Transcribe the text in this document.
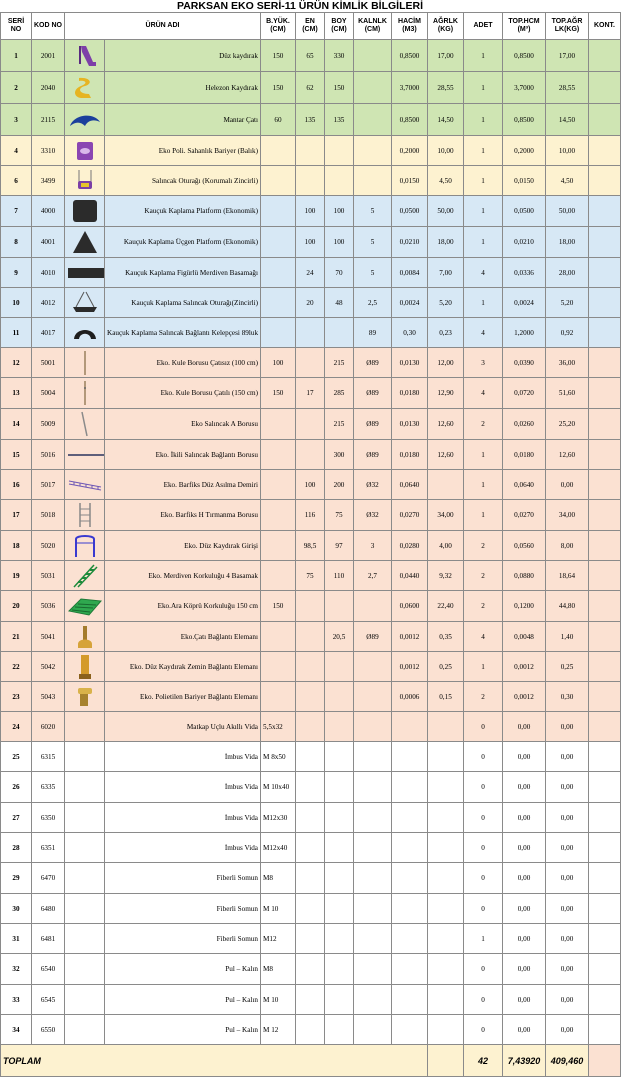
PARKSAN EKO SERİ-11 ÜRÜN KİMLİK BİLGİLERİ
SERİ NO	KOD NO	ÜRÜN ADI		B.YÜK. (CM)	EN (CM)	BOY (CM)	KALNLK (CM)	HACİM (M3)	AĞRLK (KG)	ADET	TOP.HCM (M³)	TOP.AĞR LK(KG)	KONT.
1	2001		Düz kaydırak	150	65	330		0,8500	17,00	1	0,8500	17,00	
2	2040		Helezon Kaydırak	150	62	150		3,7000	28,55	1	3,7000	28,55	
3	2115		Mantar Çatı	60	135	135		0,8500	14,50	1	0,8500	14,50	
4	3310		Eko Poli. Sahanlık Bariyer (Balık)					0,2000	10,00	1	0,2000	10,00	
6	3499		Salıncak Oturağı (Korumalı Zincirli)					0,0150	4,50	1	0,0150	4,50	
7	4000		Kauçuk Kaplama Platform (Ekonomik)		100	100	5	0,0500	50,00	1	0,0500	50,00	
8	4001		Kauçuk Kaplama Üçgen Platform (Ekonomik)		100	100	5	0,0210	18,00	1	0,0210	18,00	
9	4010		Kauçuk Kaplama Figürlü Merdiven Basamağı		24	70	5	0,0084	7,00	4	0,0336	28,00	
10	4012		Kauçuk Kaplama Salıncak Oturağı(Zincirli)		20	48	2,5	0,0024	5,20	1	0,0024	5,20	
11	4017		Kauçuk Kaplama Salıncak Bağlantı Kelepçesi 89luk				89	0,30	0,23	4	1,2000	0,92	
12	5001		Eko. Kule Borusu Çatısız (100 cm)	100		215	Ø89	0,0130	12,00	3	0,0390	36,00	
13	5004		Eko. Kule Borusu Çatılı (150 cm)	150	17	285	Ø89	0,0180	12,90	4	0,0720	51,60	
14	5009		Eko Salıncak A Borusu			215	Ø89	0,0130	12,60	2	0,0260	25,20	
15	5016		Eko. İkili Salıncak Bağlantı Borusu			300	Ø89	0,0180	12,60	1	0,0180	12,60	
16	5017		Eko. Barfiks Düz Asılma Demiri		100	200	Ø32	0,0640		1	0,0640	0,00	
17	5018		Eko. Barfiks H Tırmanma Borusu		116	75	Ø32	0,0270	34,00	1	0,0270	34,00	
18	5020		Eko. Düz Kaydırak Girişi		98,5	97	3	0,0280	4,00	2	0,0560	8,00	
19	5031		Eko. Merdiven Korkuluğu 4 Basamak		75	110	2,7	0,0440	9,32	2	0,0880	18,64	
20	5036		Eko.Ara Köprü Korkuluğu 150 cm	150				0,0600	22,40	2	0,1200	44,80	
21	5041		Eko.Çatı Bağlantı Elemanı			20,5	Ø89	0,0012	0,35	4	0,0048	1,40	
22	5042		Eko. Düz Kaydırak Zemin Bağlantı Elemanı					0,0012	0,25	1	0,0012	0,25	
23	5043		Eko. Polietilen Bariyer Bağlantı Elemanı					0,0006	0,15	2	0,0012	0,30	
24	6020		Matkap Uçlu Akıllı Vida	5,5x32						0	0,00	0,00	
25	6315		İmbus Vida	M 8x50						0	0,00	0,00	
26	6335		İmbus Vida	M 10x40						0	0,00	0,00	
27	6350		İmbus Vida	M12x30						0	0,00	0,00	
28	6351		İmbus Vida	M12x40						0	0,00	0,00	
29	6470		Fiberli Somun	M8						0	0,00	0,00	
30	6480		Fiberli Somun	M 10						0	0,00	0,00	
31	6481		Fiberli Somun	M12						1	0,00	0,00	
32	6540		Pul – Kalın	M8						0	0,00	0,00	
33	6545		Pul – Kalın	M 10						0	0,00	0,00	
34	6550		Pul – Kalın	M 12						0	0,00	0,00	
TOPLAM										42	7,43920	409,460	
